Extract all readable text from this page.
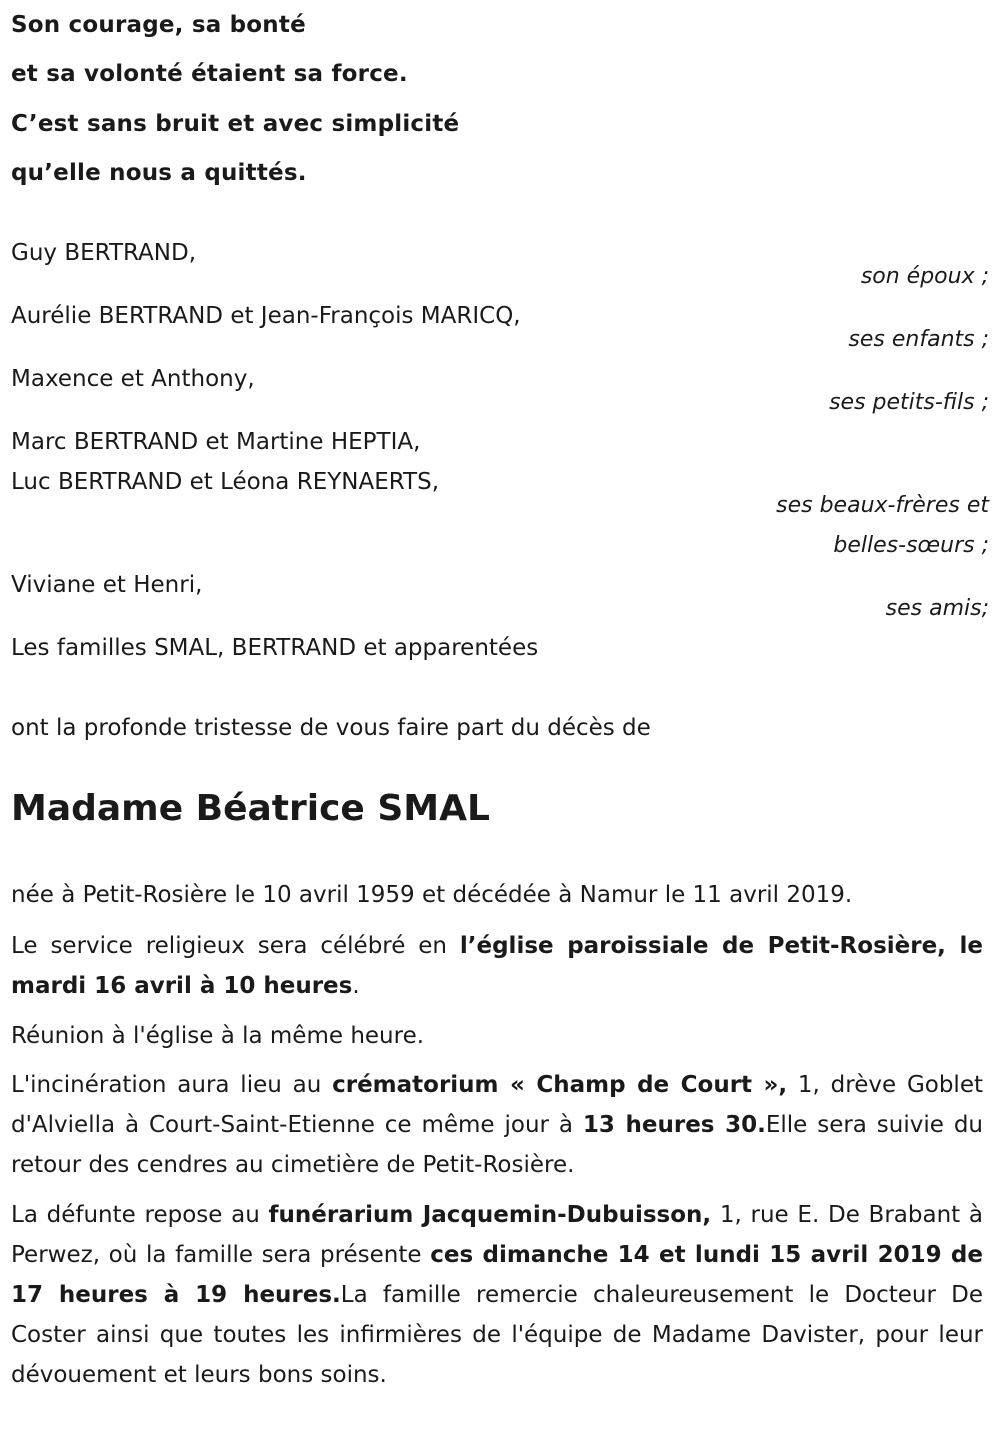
Son courage, sa bonté
et sa volonté étaient sa force.
C’est sans bruit et avec simplicité
qu’elle nous a quittés.
Guy BERTRAND,
son époux ;
Aurélie BERTRAND et Jean-François MARICQ,
ses enfants ;
Maxence et Anthony,
ses petits-fils ;
Marc BERTRAND et Martine HEPTIA,
Luc BERTRAND et Léona REYNAERTS,
ses beaux-frères et
belles-sœurs ;
Viviane et Henri,
ses amis;
Les familles SMAL, BERTRAND et apparentées
ont la profonde tristesse de vous faire part du décès de
Madame Béatrice SMAL
née à Petit-Rosière le 10 avril 1959 et décédée à Namur le 11 avril 2019.
Le service religieux sera célébré en l’église paroissiale de Petit-Rosière, le mardi 16 avril à 10 heures.
Réunion à l'église à la même heure.
L'incinération aura lieu au crématorium « Champ de Court », 1, drève Goblet d'Alviella à Court-Saint-Etienne ce même jour à 13 heures 30.Elle sera suivie du retour des cendres au cimetière de Petit-Rosière.
La défunte repose au funérarium Jacquemin-Dubuisson, 1, rue E. De Brabant à Perwez, où la famille sera présente ces dimanche 14 et lundi 15 avril 2019 de 17 heures à 19 heures.La famille remercie chaleureusement le Docteur De Coster ainsi que toutes les infirmières de l'équipe de Madame Davister, pour leur dévouement et leurs bons soins.
